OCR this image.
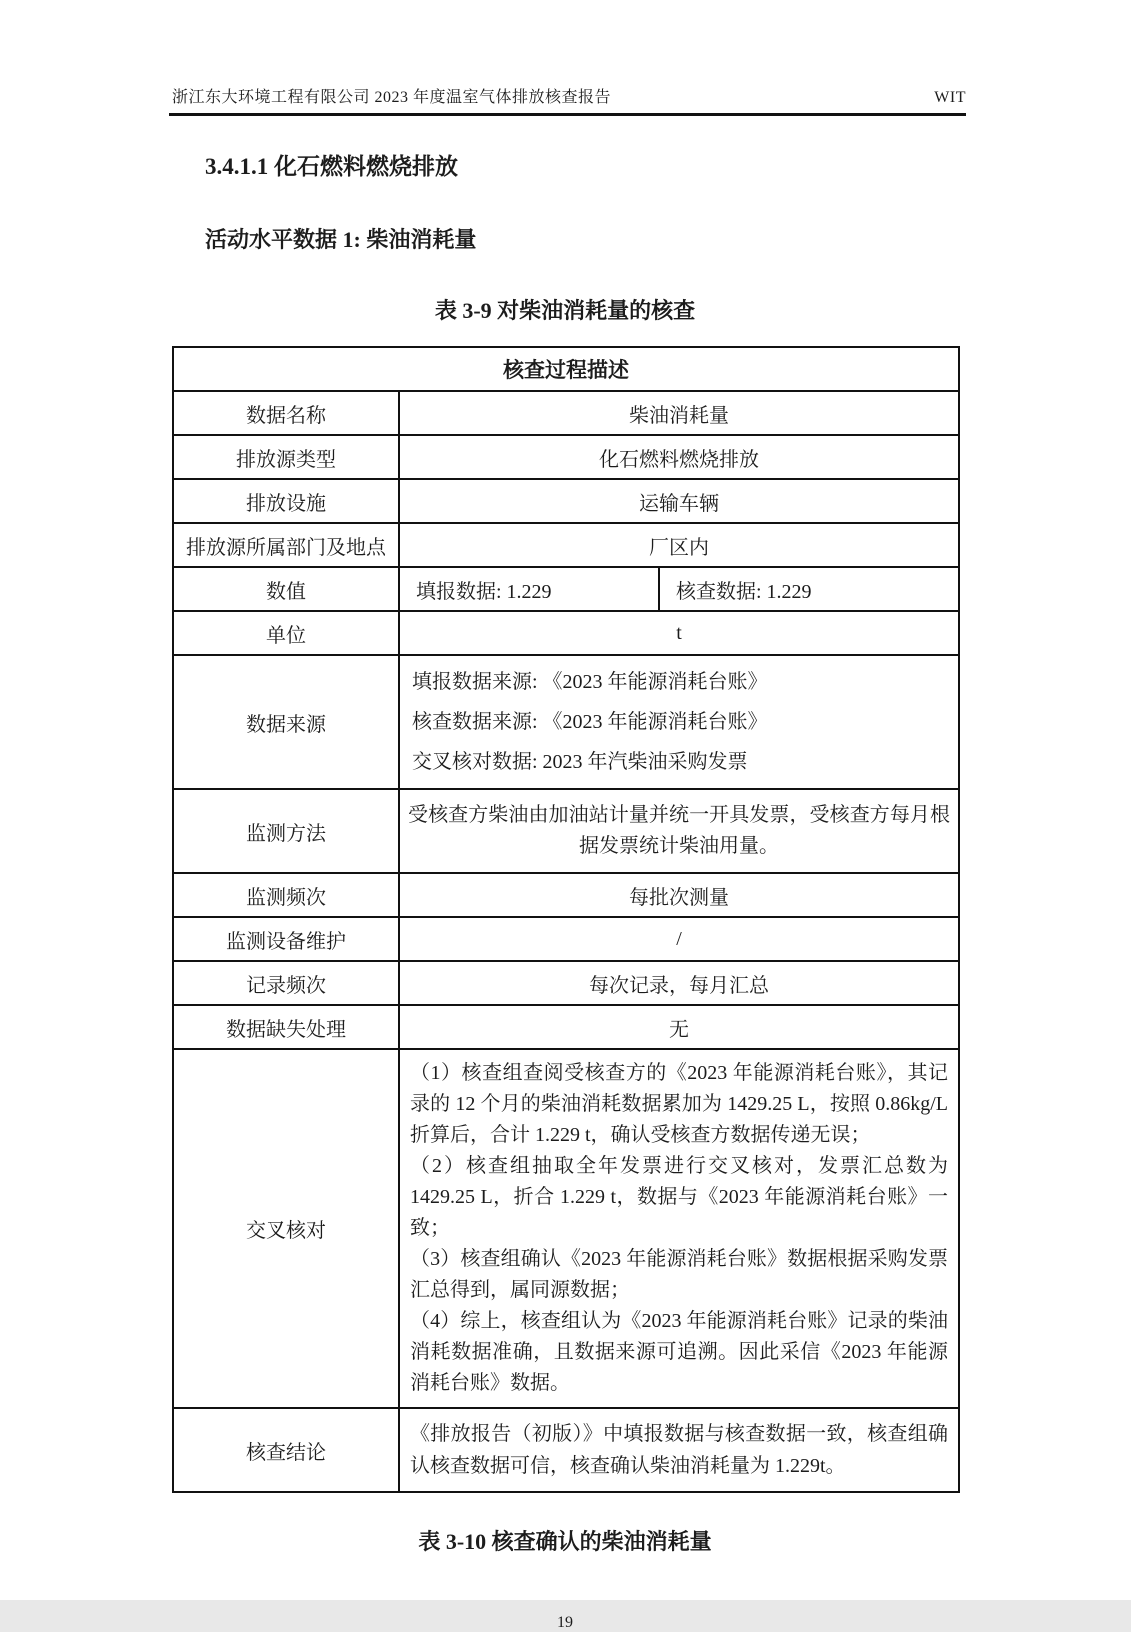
浙江东大环境工程有限公司 2023 年度温室气体排放核查报告	WIT
3.4.1.1 化石燃料燃烧排放
活动水平数据 1: 柴油消耗量
表 3-9 对柴油消耗量的核查
核查过程描述		
数据名称	柴油消耗量	
排放源类型	化石燃料燃烧排放	
排放设施	运输车辆	
排放源所属部门及地点	厂区内	
数值	填报数据: 1.229	核查数据: 1.229
单位	t	
数据来源	填报数据来源: 《2023 年能源消耗台账》
核查数据来源: 《2023 年能源消耗台账》
交叉核对数据: 2023 年汽柴油采购发票	

监测方法	受核查方柴油由加油站计量并统一开具发票，受核查方每月根据发票统计柴油用量。	
监测频次	每批次测量	
监测设备维护	/	
记录频次	每次记录，每月汇总	
数据缺失处理	无	
交叉核对	（1）核查组查阅受核查方的《2023 年能源消耗台账》，其记录的 12 个月的柴油消耗数据累加为 1429.25 L，按照 0.86kg/L 折算后，合计 1.229 t，确认受核查方数据传递无误；
（2）核查组抽取全年发票进行交叉核对，发票汇总数为 1429.25 L，折合 1.229 t，数据与《2023 年能源消耗台账》一致；
（3）核查组确认《2023 年能源消耗台账》数据根据采购发票汇总得到，属同源数据；
（4）综上，核查组认为《2023 年能源消耗台账》记录的柴油消耗数据准确，且数据来源可追溯。因此采信《2023 年能源消耗台账》数据。	

核查结论	《排放报告（初版）》中填报数据与核查数据一致，核查组确认核查数据可信，核查确认柴油消耗量为 1.229t。	
表 3-10 核查确认的柴油消耗量
19
